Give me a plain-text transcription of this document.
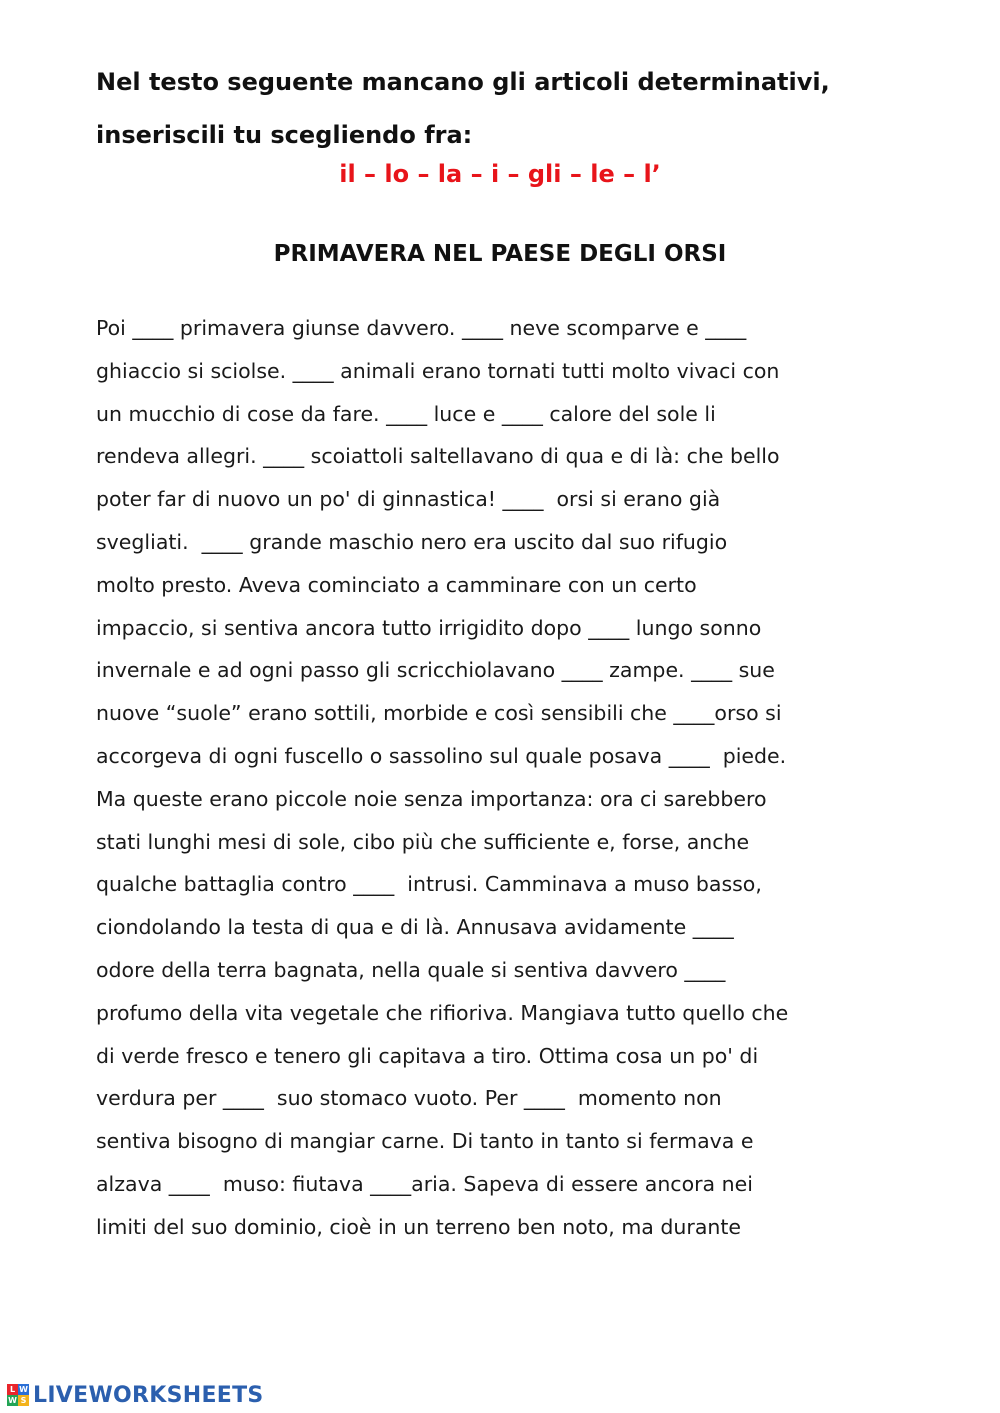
Nel testo seguente mancano gli articoli determinativi,
inseriscili tu scegliendo fra:
il – lo – la – i – gli – le – l’
PRIMAVERA NEL PAESE DEGLI ORSI
Poi ____ primavera giunse davvero. ____ neve scomparve e ____
ghiaccio si sciolse. ____ animali erano tornati tutti molto vivaci con
un mucchio di cose da fare. ____ luce e ____ calore del sole li
rendeva allegri. ____ scoiattoli saltellavano di qua e di là: che bello
poter far di nuovo un po' di ginnastica! ____  orsi si erano già
svegliati.  ____ grande maschio nero era uscito dal suo rifugio
molto presto. Aveva cominciato a camminare con un certo
impaccio, si sentiva ancora tutto irrigidito dopo ____ lungo sonno
invernale e ad ogni passo gli scricchiolavano ____ zampe. ____ sue
nuove “suole” erano sottili, morbide e così sensibili che ____orso si
accorgeva di ogni fuscello o sassolino sul quale posava ____  piede.
Ma queste erano piccole noie senza importanza: ora ci sarebbero
stati lunghi mesi di sole, cibo più che sufficiente e, forse, anche
qualche battaglia contro ____  intrusi. Camminava a muso basso,
ciondolando la testa di qua e di là. Annusava avidamente ____
odore della terra bagnata, nella quale si sentiva davvero ____
profumo della vita vegetale che rifioriva. Mangiava tutto quello che
di verde fresco e tenero gli capitava a tiro. Ottima cosa un po' di
verdura per ____  suo stomaco vuoto. Per ____  momento non
sentiva bisogno di mangiar carne. Di tanto in tanto si fermava e
alzava ____  muso: fiutava ____aria. Sapeva di essere ancora nei
limiti del suo dominio, cioè in un terreno ben noto, ma durante
L W
W S LIVEWORKSHEETS
